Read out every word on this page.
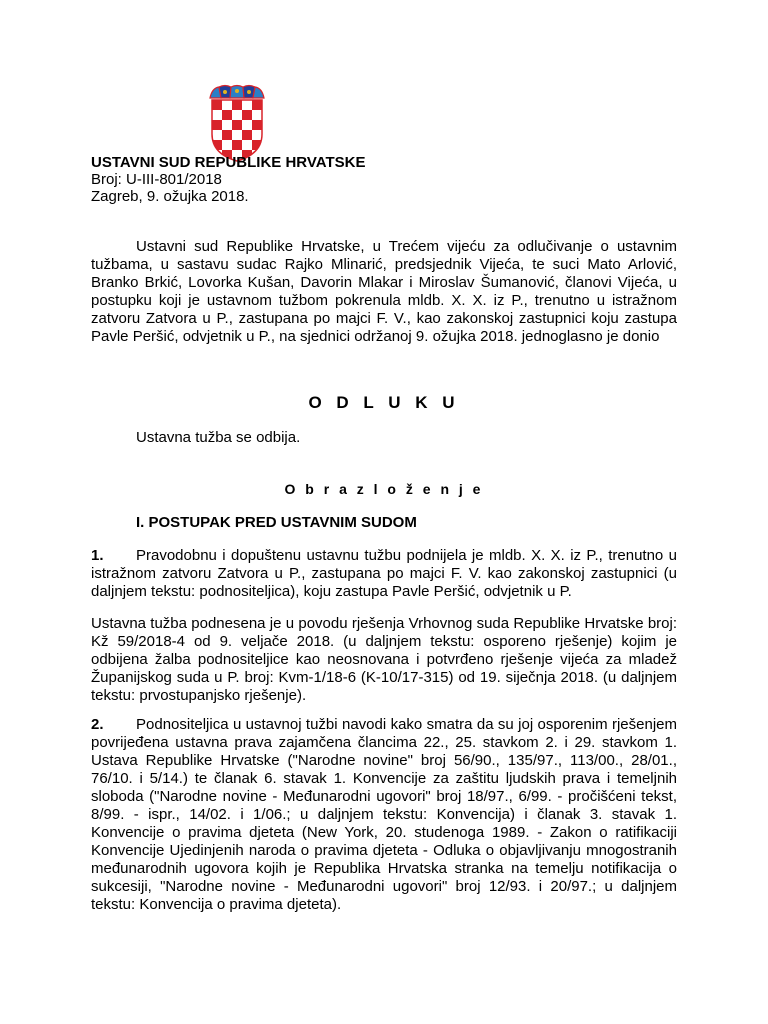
USTAVNI SUD REPUBLIKE HRVATSKE
Broj: U-III-801/2018
Zagreb, 9. ožujka 2018.

Ustavni sud Republike Hrvatske, u Trećem vijeću za odlučivanje o ustavnim tužbama, u sastavu sudac Rajko Mlinarić, predsjednik Vijeća, te suci Mato Arlović, Branko Brkić, Lovorka Kušan, Davorin Mlakar i Miroslav Šumanović, članovi Vijeća, u postupku koji je ustavnom tužbom pokrenula mldb. X. X. iz P., trenutno u istražnom zatvoru Zatvora u P., zastupana po majci F. V., kao zakonskoj zastupnici koju zastupa Pavle Peršić, odvjetnik u P., na sjednici održanoj 9. ožujka 2018. jednoglasno je donio

O D L U K U

Ustavna tužba se odbija.

O b r a z l o ž e n j e

I. POSTUPAK PRED USTAVNIM SUDOM

1. Pravodobnu i dopuštenu ustavnu tužbu podnijela je mldb. X. X. iz P., trenutno u istražnom zatvoru Zatvora u P., zastupana po majci F. V. kao zakonskoj zastupnici (u daljnjem tekstu: podnositeljica), koju zastupa Pavle Peršić, odvjetnik u P.

Ustavna tužba podnesena je u povodu rješenja Vrhovnog suda Republike Hrvatske broj: Kž 59/2018-4 od 9. veljače 2018. (u daljnjem tekstu: osporeno rješenje) kojim je odbijena žalba podnositeljice kao neosnovana i potvrđeno rješenje vijeća za mladež Županijskog suda u P. broj: Kvm-1/18-6 (K-10/17-315) od 19. siječnja 2018. (u daljnjem tekstu: prvostupanjsko rješenje).

2. Podnositeljica u ustavnoj tužbi navodi kako smatra da su joj osporenim rješenjem povrijeđena ustavna prava zajamčena člancima 22., 25. stavkom 2. i 29. stavkom 1. Ustava Republike Hrvatske ("Narodne novine" broj 56/90., 135/97., 113/00., 28/01., 76/10. i 5/14.) te članak 6. stavak 1. Konvencije za zaštitu ljudskih prava i temeljnih sloboda ("Narodne novine - Međunarodni ugovori" broj 18/97., 6/99. - pročišćeni tekst, 8/99. - ispr., 14/02. i 1/06.; u daljnjem tekstu: Konvencija) i članak 3. stavak 1. Konvencije o pravima djeteta (New York, 20. studenoga 1989. - Zakon o ratifikaciji Konvencije Ujedinjenih naroda o pravima djeteta - Odluka o objavljivanju mnogostranih međunarodnih ugovora kojih je Republika Hrvatska stranka na temelju notifikacija o sukcesiji, "Narodne novine - Međunarodni ugovori" broj 12/93. i 20/97.; u daljnjem tekstu: Konvencija o pravima djeteta).
